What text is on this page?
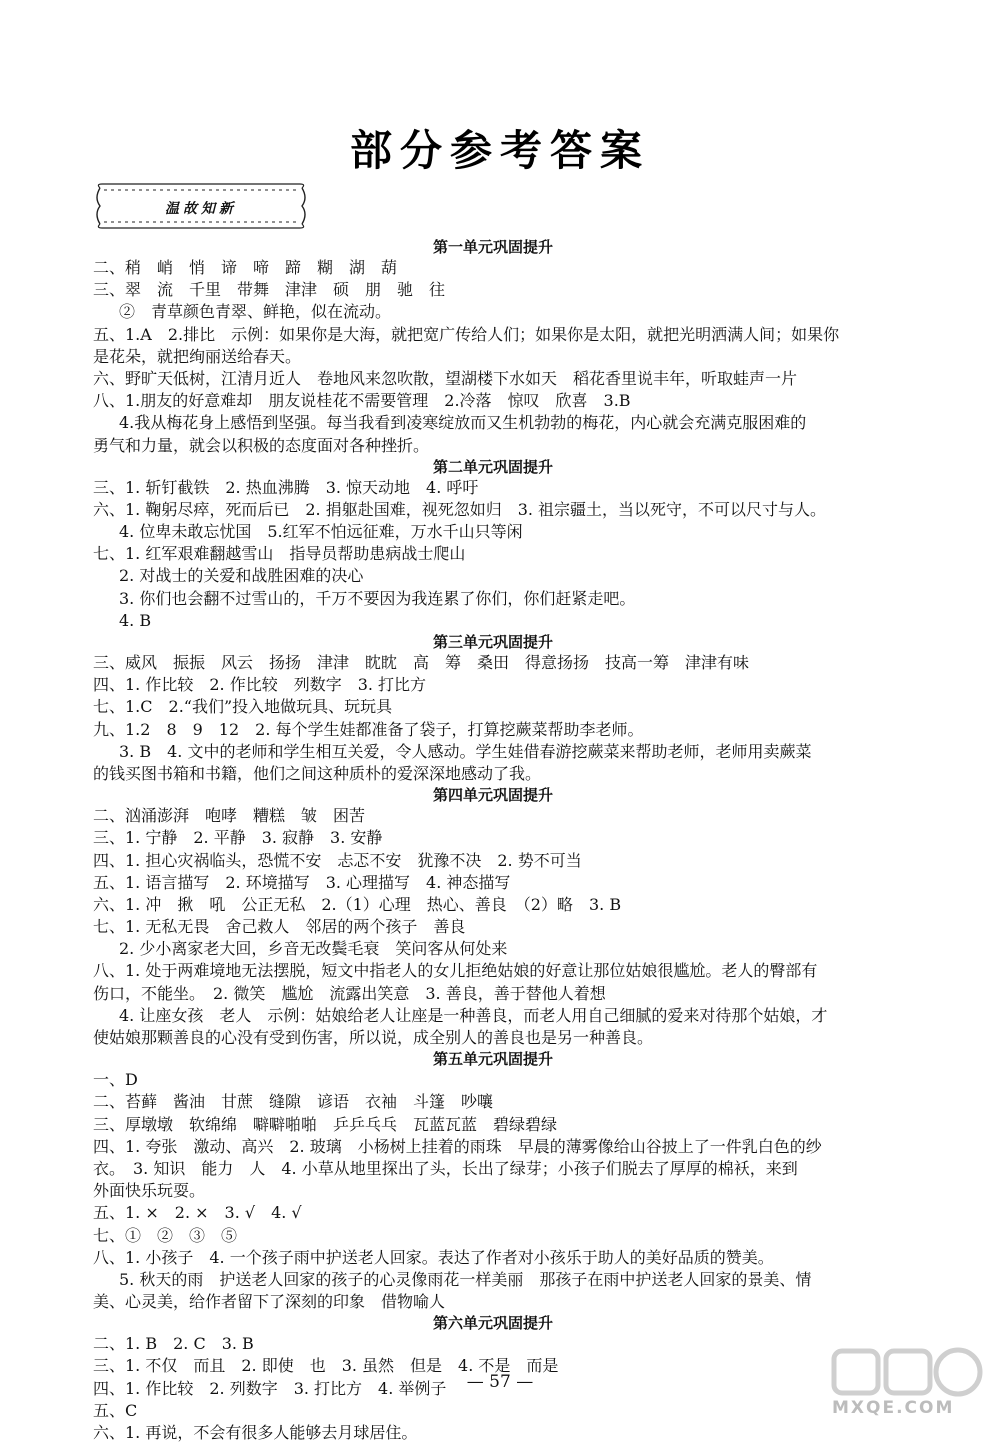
部分参考答案
温故知新
第一单元巩固提升
二、稍　峭　悄　谛　啼　蹄　糊　湖　葫
三、翠　流　千里　带舞　津津　硕　朋　驰　往
②　青草颜色青翠、鲜艳，似在流动。
五、1.A　2.排比　示例：如果你是大海，就把宽广传给人们；如果你是太阳，就把光明洒满人间；如果你
是花朵，就把绚丽送给春天。
六、野旷天低树，江清月近人　卷地风来忽吹散，望湖楼下水如天　稻花香里说丰年，听取蛙声一片
八、1.朋友的好意难却　朋友说桂花不需要管理　2.冷落　惊叹　欣喜　3.B
4.我从梅花身上感悟到坚强。每当我看到凌寒绽放而又生机勃勃的梅花，内心就会充满克服困难的
勇气和力量，就会以积极的态度面对各种挫折。
第二单元巩固提升
三、1. 斩钉截铁　2. 热血沸腾　3. 惊天动地　4. 呼吁
六、1. 鞠躬尽瘁，死而后已　2. 捐躯赴国难，视死忽如归　3. 祖宗疆土，当以死守，不可以尺寸与人。
4. 位卑未敢忘忧国　5.红军不怕远征难，万水千山只等闲
七、1. 红军艰难翻越雪山　指导员帮助患病战士爬山
2. 对战士的关爱和战胜困难的决心
3. 你们也会翻不过雪山的，千万不要因为我连累了你们，你们赶紧走吧。
4. B
第三单元巩固提升
三、威风　振振　风云　扬扬　津津　眈眈　高　筹　桑田　得意扬扬　技高一筹　津津有味
四、1. 作比较　2. 作比较　列数字　3. 打比方
七、1.C　2.“我们”投入地做玩具、玩玩具
九、1.2　8　9　12　2. 每个学生娃都准备了袋子，打算挖蕨菜帮助李老师。
3. B　4. 文中的老师和学生相互关爱，令人感动。学生娃借春游挖蕨菜来帮助老师，老师用卖蕨菜
的钱买图书箱和书籍，他们之间这种质朴的爱深深地感动了我。
第四单元巩固提升
二、汹涌澎湃　咆哮　糟糕　皱　困苦
三、1. 宁静　2. 平静　3. 寂静　3. 安静
四、1. 担心灾祸临头，恐慌不安　忐忑不安　犹豫不决　2. 势不可当
五、1. 语言描写　2. 环境描写　3. 心理描写　4. 神态描写
六、1. 冲　揪　吼　公正无私　2.（1）心理　热心、善良　（2）略　3. B
七、1. 无私无畏　舍己救人　邻居的两个孩子　善良
2. 少小离家老大回，乡音无改鬓毛衰　笑问客从何处来
八、1. 处于两难境地无法摆脱，短文中指老人的女儿拒绝姑娘的好意让那位姑娘很尴尬。老人的臀部有
伤口，不能坐。　2. 微笑　尴尬　流露出笑意　3. 善良，善于替他人着想
4. 让座女孩　老人　示例：姑娘给老人让座是一种善良，而老人用自己细腻的爱来对待那个姑娘，才
使姑娘那颗善良的心没有受到伤害，所以说，成全别人的善良也是另一种善良。
第五单元巩固提升
一、D
二、苔藓　酱油　甘蔗　缝隙　谚语　衣袖　斗篷　吵嚷
三、厚墩墩　软绵绵　噼噼啪啪　乒乒乓乓　瓦蓝瓦蓝　碧绿碧绿
四、1. 夸张　激动、高兴　2. 玻璃　小杨树上挂着的雨珠　早晨的薄雾像给山谷披上了一件乳白色的纱
衣。　3. 知识　能力　人　4. 小草从地里探出了头，长出了绿芽；小孩子们脱去了厚厚的棉袄，来到
外面快乐玩耍。
五、1. ×　2. ×　3. √　4. √
七、①　②　③　⑤
八、1. 小孩子　4. 一个孩子雨中护送老人回家。表达了作者对小孩乐于助人的美好品质的赞美。
5. 秋天的雨　护送老人回家的孩子的心灵像雨花一样美丽　那孩子在雨中护送老人回家的景美、情
美、心灵美，给作者留下了深刻的印象　借物喻人
第六单元巩固提升
二、1. B　2. C　3. B
三、1. 不仅　而且　2. 即使　也　3. 虽然　但是　4. 不是　而是
四、1. 作比较　2. 列数字　3. 打比方　4. 举例子
五、C
六、1. 再说，不会有很多人能够去月球居住。
— 57 —
MXQE.COM
